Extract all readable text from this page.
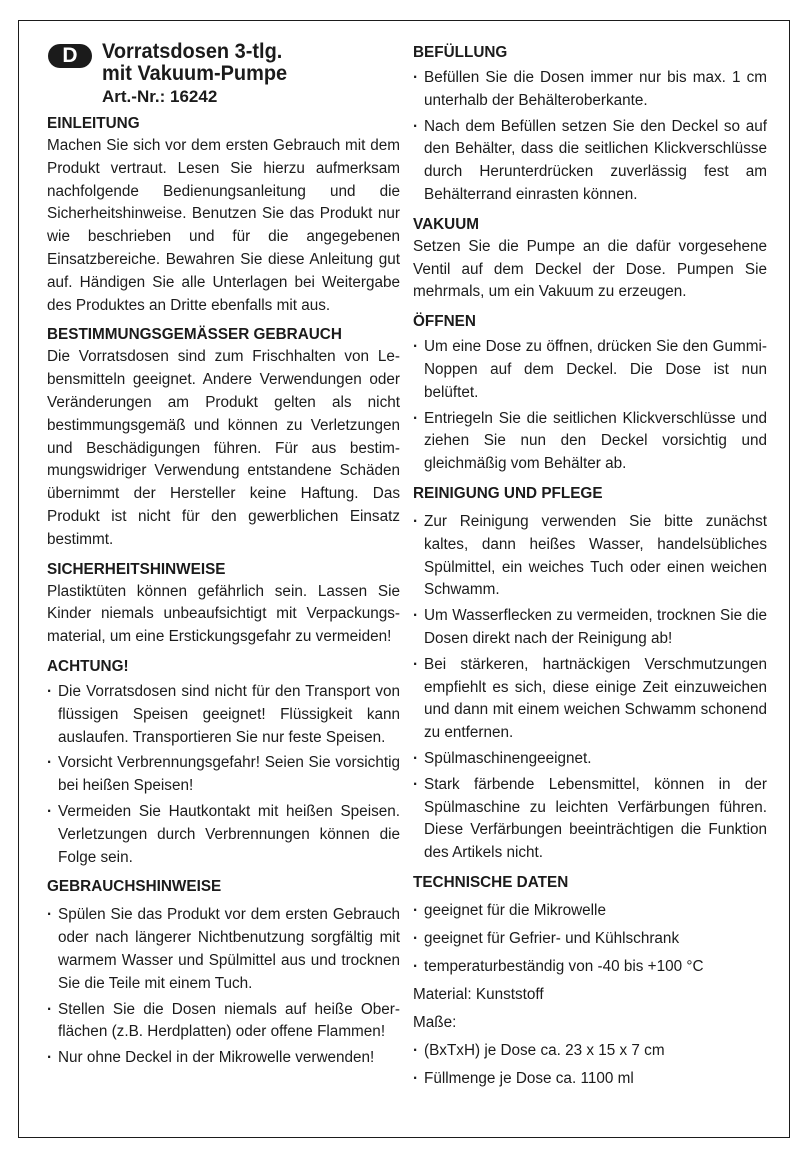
D	Vorratsdosen 3-tlg.
mit Vakuum-Pumpe
Art.-Nr.: 16242
EINLEITUNG

Machen Sie sich vor dem ersten Gebrauch mit dem Produkt vertraut. Lesen Sie hierzu aufmerksam nachfolgende Bedienungsanleitung und die Sicherheitshinweise. Benutzen Sie das Produkt nur wie beschrieben und für die angegebenen Einsatzbereiche. Bewahren Sie diese Anleitung gut auf. Händigen Sie alle Unterlagen bei Weitergabe des Produktes an Dritte ebenfalls mit aus.

BESTIMMUNGSGEMÄSSER GEBRAUCH

Die Vorratsdosen sind zum Frischhalten von Lebensmitteln geeignet. Andere Verwendungen oder Veränderungen am Produkt gelten als nicht bestimmungsgemäß und können zu Verletzungen und Beschädigungen führen. Für aus bestimmungswidriger Verwendung entstandene Schäden übernimmt der Hersteller keine Haftung. Das Produkt ist nicht für den gewerblichen Einsatz bestimmt.

SICHERHEITSHINWEISE

Plastiktüten können gefährlich sein. Lassen Sie Kinder niemals unbeaufsichtigt mit Verpackungsmaterial, um eine Erstickungsgefahr zu vermeiden!

ACHTUNG!
· Die Vorratsdosen sind nicht für den Transport von flüssigen Speisen geeignet! Flüssigkeit kann auslaufen. Transportieren Sie nur feste Speisen.
· Vorsicht Verbrennungsgefahr! Seien Sie vorsichtig bei heißen Speisen!
· Vermeiden Sie Hautkontakt mit heißen Speisen. Verletzungen durch Verbrennungen können die Folge sein.
GEBRAUCHSHINWEISE
· Spülen Sie das Produkt vor dem ersten Gebrauch oder nach längerer Nichtbenutzung sorgfältig mit warmem Wasser und Spülmittel aus und trocknen Sie die Teile mit einem Tuch.
· Stellen Sie die Dosen niemals auf heiße Oberflächen (z.B. Herdplatten) oder offene Flammen!
· Nur ohne Deckel in der Mikrowelle verwenden!
BEFÜLLUNG
· Befüllen Sie die Dosen immer nur bis max. 1 cm unterhalb der Behälteroberkante.
· Nach dem Befüllen setzen Sie den Deckel so auf den Behälter, dass die seitlichen Klickverschlüsse durch Herunterdrücken zuverlässig fest am Behälterrand einrasten können.
VAKUUM

Setzen Sie die Pumpe an die dafür vorgesehene Ventil auf dem Deckel der Dose. Pumpen Sie mehrmals, um ein Vakuum zu erzeugen.

ÖFFNEN
· Um eine Dose zu öffnen, drücken Sie den Gummi-Noppen auf dem Deckel. Die Dose ist nun belüftet.
· Entriegeln Sie die seitlichen Klickverschlüsse und ziehen Sie nun den Deckel vorsichtig und gleichmäßig vom Behälter ab.
REINIGUNG UND PFLEGE
· Zur Reinigung verwenden Sie bitte zunächst kaltes, dann heißes Wasser, handelsübliches Spülmittel, ein weiches Tuch oder einen weichen Schwamm.
· Um Wasserflecken zu vermeiden, trocknen Sie die Dosen direkt nach der Reinigung ab!
· Bei stärkeren, hartnäckigen Verschmutzungen empfiehlt es sich, diese einige Zeit einzuweichen und dann mit einem weichen Schwamm schonend zu entfernen.
· Spülmaschinengeeignet.
· Stark färbende Lebensmittel, können in der Spülmaschine zu leichten Verfärbungen führen. Diese Verfärbungen beeinträchtigen die Funktion des Artikels nicht.
TECHNISCHE DATEN
· geeignet für die Mikrowelle
· geeignet für Gefrier- und Kühlschrank
· temperaturbeständig von -40 bis +100 °C

Material: Kunststoff

Maße:

· (BxTxH) je Dose ca. 23 x 15 x 7 cm
· Füllmenge je Dose ca. 1100 ml
